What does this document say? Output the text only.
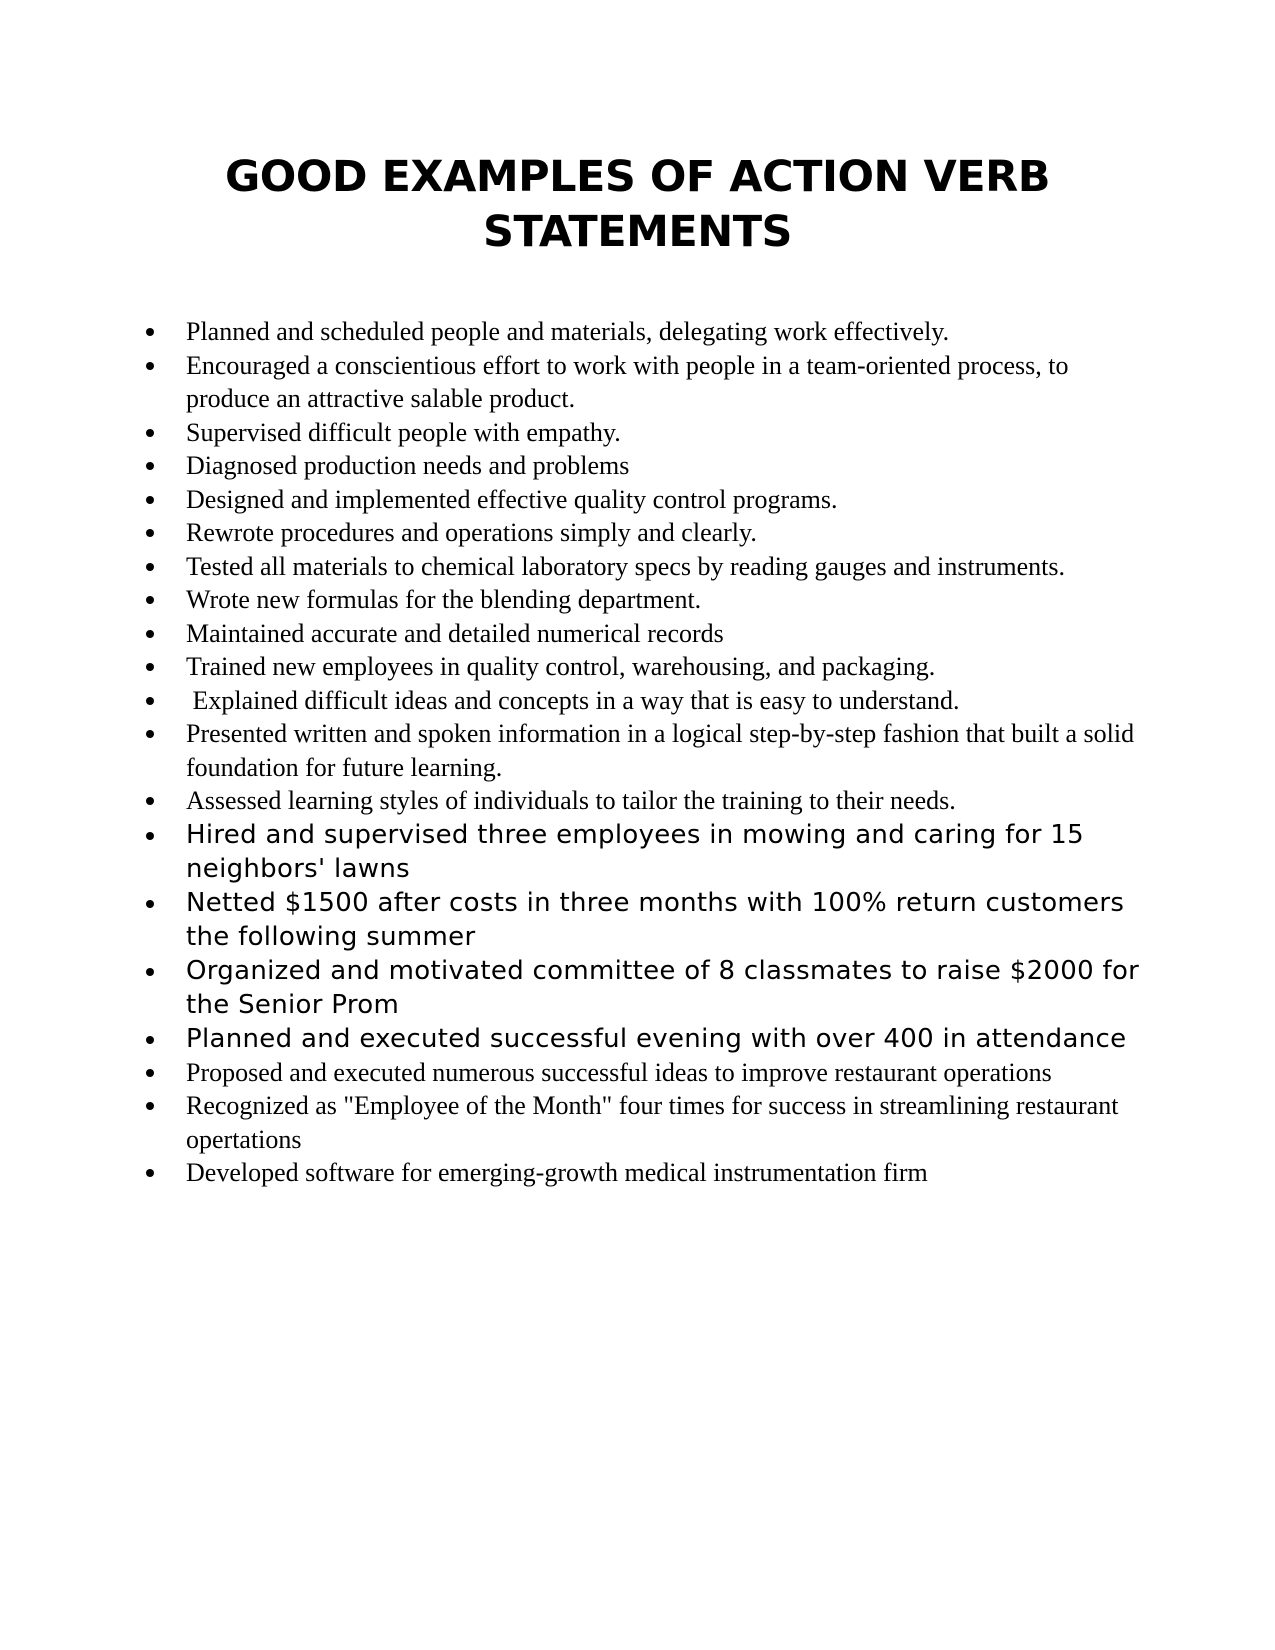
GOOD EXAMPLES OF ACTION VERB
STATEMENTS
Planned and scheduled people and materials, delegating work effectively.
Encouraged a conscientious effort to work with people in a team-oriented process, to produce an attractive salable product.
Supervised difficult people with empathy.
Diagnosed production needs and problems
Designed and implemented effective quality control programs.
Rewrote procedures and operations simply and clearly.
Tested all materials to chemical laboratory specs by reading gauges and instruments.
Wrote new formulas for the blending department.
Maintained accurate and detailed numerical records
Trained new employees in quality control, warehousing, and packaging.
Explained difficult ideas and concepts in a way that is easy to understand.
Presented written and spoken information in a logical step-by-step fashion that built a solid foundation for future learning.
Assessed learning styles of individuals to tailor the training to their needs.
Hired and supervised three employees in mowing and caring for 15 neighbors' lawns
Netted $1500 after costs in three months with 100% return customers the following summer
Organized and motivated committee of 8 classmates to raise $2000 for the Senior Prom
Planned and executed successful evening with over 400 in attendance
Proposed and executed numerous successful ideas to improve restaurant operations
Recognized as "Employee of the Month" four times for success in streamlining restaurant opertations
Developed software for emerging-growth medical instrumentation firm
